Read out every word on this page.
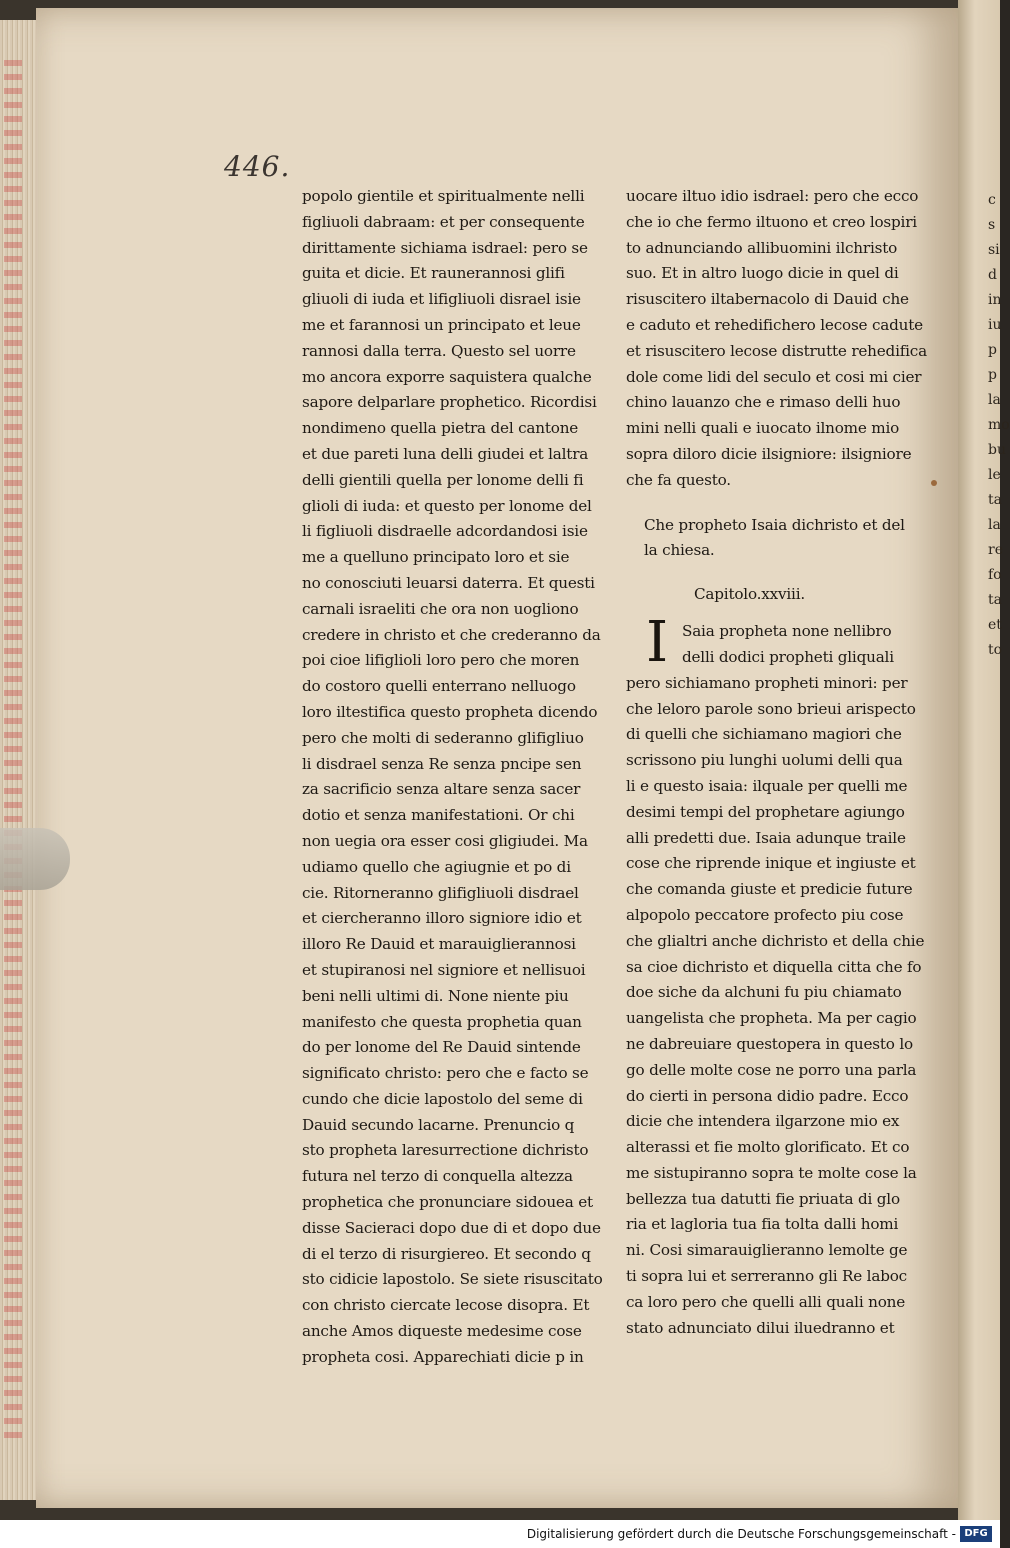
c
s
si
d
in
iu
p
p
la
mo
bu
le
ta
la
re
fo
ta
et
to
446.
popolo gientile et spiritualmente nelli
figliuoli dabraam: et per consequente
dirittamente sichiama isdrael: pero se
guita et dicie. Et raunerannosi glifi
gliuoli di iuda et lifigliuoli disrael isie
me et farannosi un principato et leue
rannosi dalla terra. Questo sel uorre
mo ancora exporre saquistera qualche
sapore delparlare prophetico. Ricordisi
nondimeno quella pietra del cantone
et due pareti luna delli giudei et laltra
delli gientili quella per lonome delli fi
glioli di iuda: et questo per lonome del
li figliuoli disdraelle adcordandosi isie
me a quelluno principato loro et sie
no conosciuti leuarsi daterra. Et questi
carnali israeliti che ora non uogliono
credere in christo et che crederanno da
poi cioe lifiglioli loro pero che moren
do costoro quelli enterrano nelluogo
loro iltestifica questo propheta dicendo
pero che molti di sederanno glifigliuo
li disdrael senza Re senza pncipe sen
za sacrificio senza altare senza sacer
dotio et senza manifestationi. Or chi
non uegia ora esser cosi gligiudei. Ma
udiamo quello che agiugnie et po di
cie. Ritorneranno glifigliuoli disdrael
et ciercheranno illoro signiore idio et
illoro Re Dauid et marauiglierannosi
et stupiranosi nel signiore et nellisuoi
beni nelli ultimi di. None niente piu
manifesto che questa prophetia quan
do per lonome del Re Dauid sintende
significato christo: pero che e facto se
cundo che dicie lapostolo del seme di
Dauid secundo lacarne. Prenuncio q
sto propheta laresurrectione dichristo
futura nel terzo di conquella altezza
prophetica che pronunciare sidouea et
disse Sacieraci dopo due di et dopo due
di el terzo di risurgiereo. Et secondo q
sto cidicie lapostolo. Se siete risuscitato
con christo ciercate lecose disopra. Et
anche Amos diqueste medesime cose
propheta cosi. Apparechiati dicie p in
uocare iltuo idio isdrael: pero che ecco
che io che fermo iltuono et creo lospiri
to adnunciando allibuomini ilchristo
suo. Et in altro luogo dicie in quel di
risuscitero iltabernacolo di Dauid che
e caduto et rehedifichero lecose cadute
et risuscitero lecose distrutte rehedifica
dole come lidi del seculo et cosi mi cier
chino lauanzo che e rimaso delli huo
mini nelli quali e iuocato ilnome mio
sopra diloro dicie ilsigniore: ilsigniore
che fa questo.
Che propheto Isaia dichristo et del
la chiesa.
Capitolo.xxviii.
I Saia propheta none nellibro
delli dodici propheti gliquali
pero sichiamano propheti minori: per
che leloro parole sono brieui arispecto
di quelli che sichiamano magiori che
scrissono piu lunghi uolumi delli qua
li e questo isaia: ilquale per quelli me
desimi tempi del prophetare agiungo
alli predetti due. Isaia adunque traile
cose che riprende inique et ingiuste et
che comanda giuste et predicie future
alpopolo peccatore profecto piu cose
che glialtri anche dichristo et della chie
sa cioe dichristo et diquella citta che fo
doe siche da alchuni fu piu chiamato
uangelista che propheta. Ma per cagio
ne dabreuiare questopera in questo lo
go delle molte cose ne porro una parla
do cierti in persona didio padre. Ecco
dicie che intendera ilgarzone mio ex
alterassi et fie molto glorificato. Et co
me sistupiranno sopra te molte cose la
bellezza tua datutti fie priuata di glo
ria et lagloria tua fia tolta dalli homi
ni. Cosi simarauiglieranno lemolte ge
ti sopra lui et serreranno gli Re laboc
ca loro pero che quelli alli quali none
stato adnunciato dilui iluedranno et
Digitalisierung gefördert durch die Deutsche Forschungsgemeinschaft - DFG
